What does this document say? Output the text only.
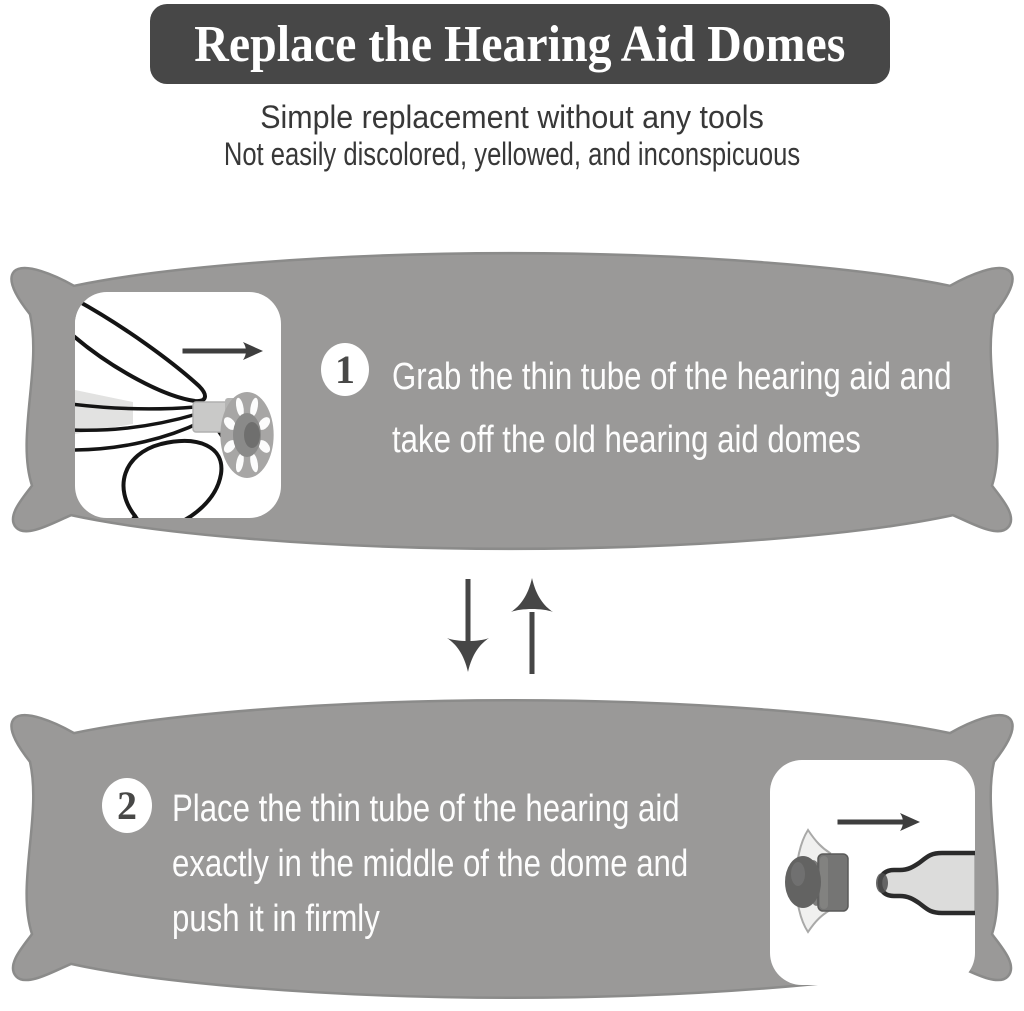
Replace the Hearing Aid Domes
Simple replacement without any tools
Not easily discolored, yellowed, and inconspicuous
1 Grab the thin tube of the hearing aid and
take off the old hearing aid domes
2 Place the thin tube of the hearing aid
exactly in the middle of the dome and
push it in firmly
